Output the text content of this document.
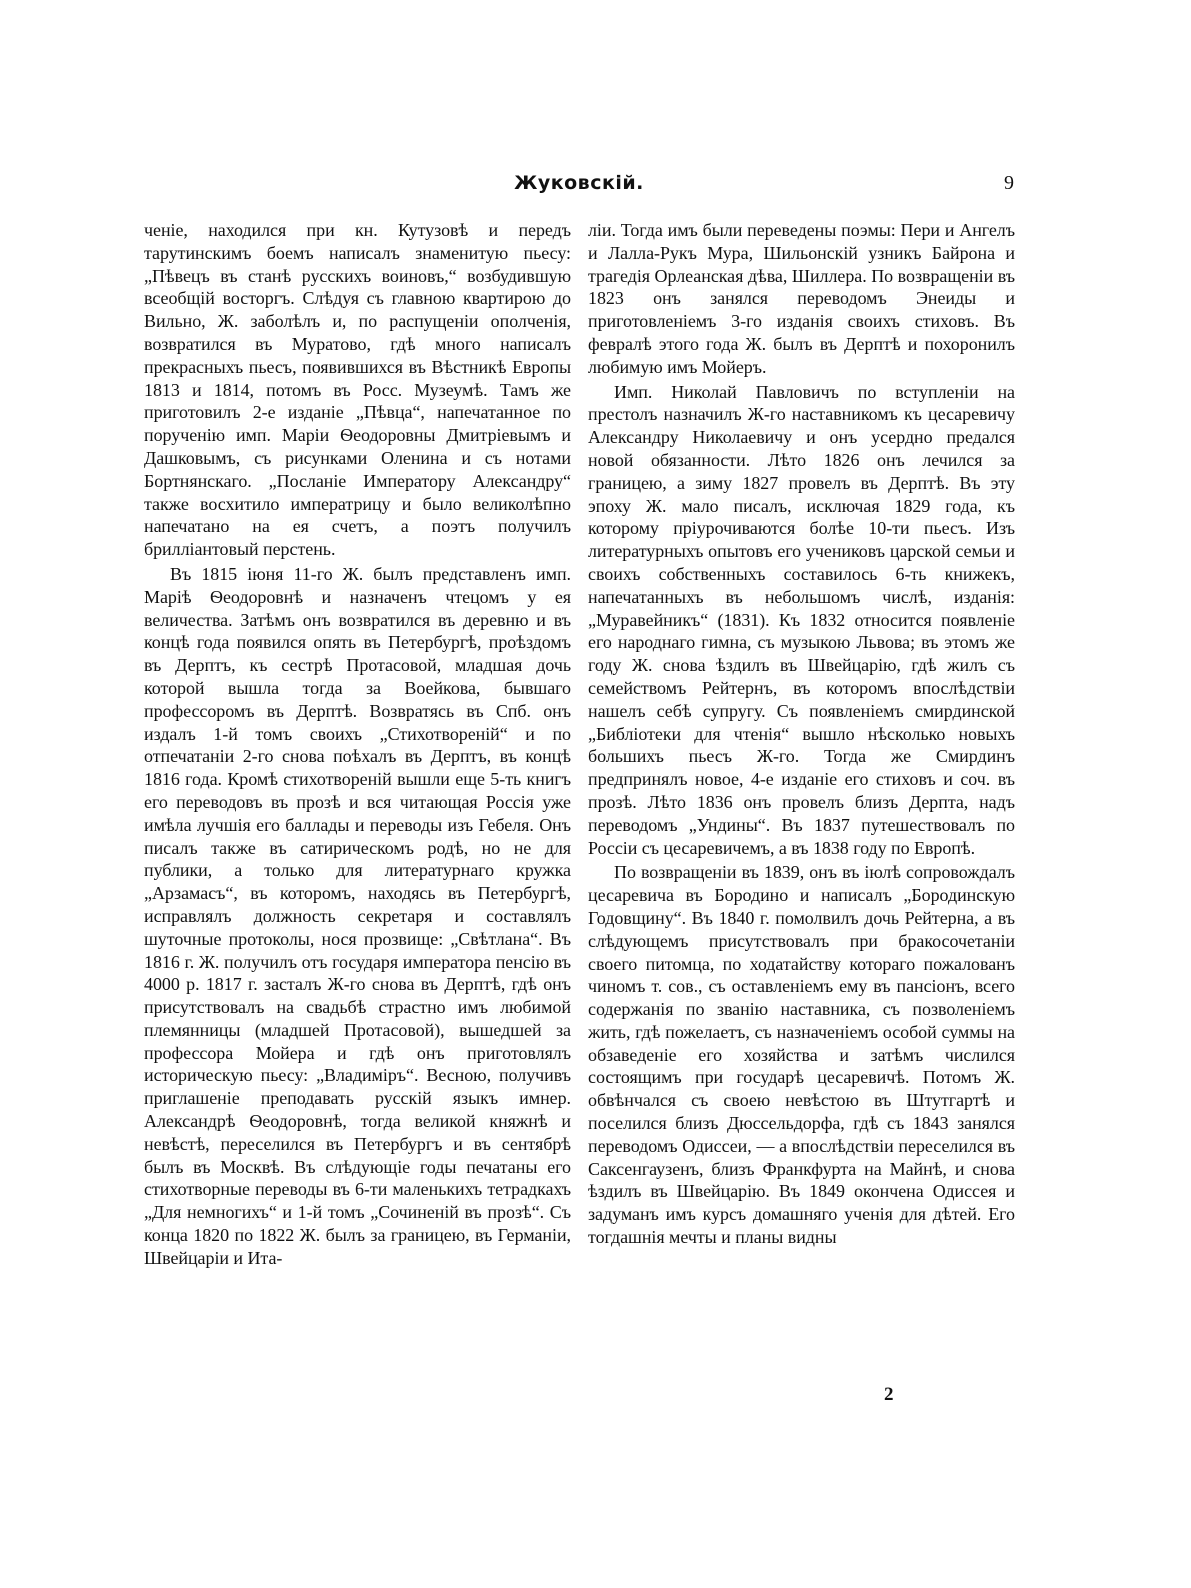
Жуковскій.	9

ченіе, находился при кн. Кутузовѣ и передъ тарутинскимъ боемъ написалъ знаменитую пьесу: „Пѣвецъ въ станѣ русскихъ воиновъ,“ возбудившую всеобщій восторгъ. Слѣдуя съ главною квартирою до Вильно, Ж. заболѣлъ и, по распущеніи ополченія, возвратился въ Муратово, гдѣ много написалъ прекрасныхъ пьесъ, появившихся въ Вѣстникѣ Европы 1813 и 1814, потомъ въ Росс. Музеумѣ. Тамъ же приготовилъ 2-е изданіе „Пѣвца“, напечатанное по порученію имп. Маріи Ѳеодоровны Дмитріевымъ и Дашковымъ, съ рисунками Оленина и съ нотами Бортнянскаго. „Посланіе Императору Александру“ также восхитило императрицу и было великолѣпно напечатано на ея счетъ, а поэтъ получилъ брилліантовый перстень.

Въ 1815 іюня 11-го Ж. былъ представленъ имп. Маріѣ Ѳеодоровнѣ и назначенъ чтецомъ у ея величества. Затѣмъ онъ возвратился въ деревню и въ концѣ года появился опять въ Петербургѣ, проѣздомъ въ Дерптъ, къ сестрѣ Протасовой, младшая дочь которой вышла тогда за Воейкова, бывшаго профессоромъ въ Дерптѣ. Возвратясь въ Спб. онъ издалъ 1-й томъ своихъ „Стихотвореній“ и по отпечатаніи 2-го снова поѣхалъ въ Дерптъ, въ концѣ 1816 года. Кромѣ стихотвореній вышли еще 5-ть книгъ его переводовъ въ прозѣ и вся читающая Россія уже имѣла лучшія его баллады и переводы изъ Гебеля. Онъ писалъ также въ сатирическомъ родѣ, но не для публики, а только для литературнаго кружка „Арзамасъ“, въ которомъ, находясь въ Петербургѣ, исправлялъ должность секретаря и составлялъ шуточные протоколы, нося прозвище: „Свѣтлана“. Въ 1816 г. Ж. получилъ отъ государя императора пенсію въ 4000 р. 1817 г. засталъ Ж-го снова въ Дерптѣ, гдѣ онъ присутствовалъ на свадьбѣ страстно имъ любимой племянницы (младшей Протасовой), вышедшей за профессора Мойера и гдѣ онъ приготовлялъ историческую пьесу: „Владиміръ“. Весною, получивъ приглашеніе преподавать русскій языкъ имнер. Александрѣ Ѳеодоровнѣ, тогда великой княжнѣ и невѣстѣ, переселился въ Петербургъ и въ сентябрѣ былъ въ Москвѣ. Въ слѣдующіе годы печатаны его стихотворные переводы въ 6-ти маленькихъ тетрадкахъ „Для немногихъ“ и 1-й томъ „Сочиненій въ прозѣ“. Съ конца 1820 по 1822 Ж. былъ за границею, въ Германіи, Швейцаріи и Ита-

ліи. Тогда имъ были переведены поэмы: Пери и Ангелъ и Лалла-Рукъ Мура, Шильонскій узникъ Байрона и трагедія Орлеанская дѣва, Шиллера. По возвращеніи въ 1823 онъ занялся переводомъ Энеиды и приготовленіемъ 3-го изданія своихъ стиховъ. Въ февралѣ этого года Ж. былъ въ Дерптѣ и похоронилъ любимую имъ Мойеръ.

Имп. Николай Павловичъ по вступленіи на престолъ назначилъ Ж-го наставникомъ къ цесаревичу Александру Николаевичу и онъ усердно предался новой обязанности. Лѣто 1826 онъ лечился за границею, а зиму 1827 провелъ въ Дерптѣ. Въ эту эпоху Ж. мало писалъ, исключая 1829 года, къ которому пріурочиваются болѣе 10-ти пьесъ. Изъ литературныхъ опытовъ его учениковъ царской семьи и своихъ собственныхъ составилось 6-ть книжекъ, напечатанныхъ въ небольшомъ числѣ, изданія: „Муравейникъ“ (1831). Къ 1832 относится появленіе его народнаго гимна, съ музыкою Львова; въ этомъ же году Ж. снова ѣздилъ въ Швейцарію, гдѣ жилъ съ семействомъ Рейтернъ, въ которомъ впослѣдствіи нашелъ себѣ супругу. Съ появленіемъ смирдинской „Библіотеки для чтенія“ вышло нѣсколько новыхъ большихъ пьесъ Ж-го. Тогда же Смирдинъ предпринялъ новое, 4-е изданіе его стиховъ и соч. въ прозѣ. Лѣто 1836 онъ провелъ близъ Дерпта, надъ переводомъ „Ундины“. Въ 1837 путешествовалъ по Россіи съ цесаревичемъ, а въ 1838 году по Европѣ.

По возвращеніи въ 1839, онъ въ іюлѣ сопровождалъ цесаревича въ Бородино и написалъ „Бородинскую Годовщину“. Въ 1840 г. помолвилъ дочь Рейтерна, а въ слѣдующемъ присутствовалъ при бракосочетаніи своего питомца, по ходатайству котораго пожалованъ чиномъ т. сов., съ оставленіемъ ему въ пансіонъ, всего содержанія по званію наставника, съ позволеніемъ жить, гдѣ пожелаетъ, съ назначеніемъ особой суммы на обзаведеніе его хозяйства и затѣмъ числился состоящимъ при государѣ цесаревичѣ. Потомъ Ж. обвѣнчался съ своею невѣстою въ Штутгартѣ и поселился близъ Дюссельдорфа, гдѣ съ 1843 занялся переводомъ Одиссеи, — а впослѣдствіи переселился въ Саксенгаузенъ, близъ Франкфурта на Майнѣ, и снова ѣздилъ въ Швейцарію. Въ 1849 окончена Одиссея и задуманъ имъ курсъ домашняго ученія для дѣтей. Его тогдашнія мечты и планы видны

2
